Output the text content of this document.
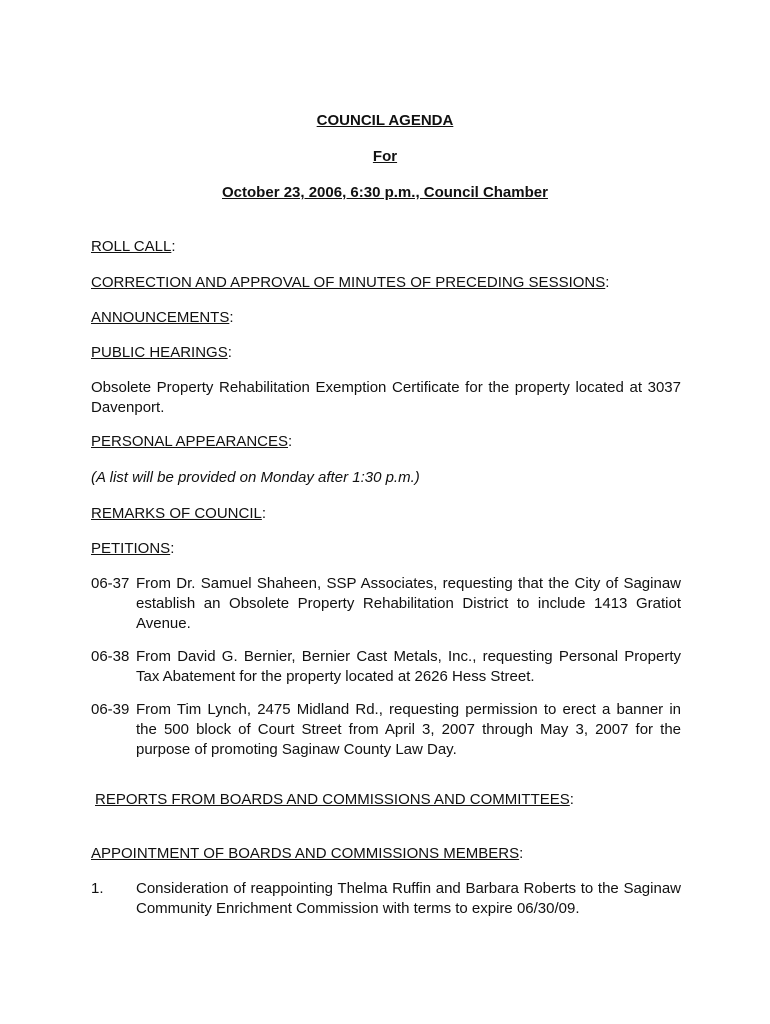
COUNCIL AGENDA
For
October 23, 2006, 6:30 p.m., Council Chamber
ROLL CALL:
CORRECTION AND APPROVAL OF MINUTES OF PRECEDING SESSIONS:
ANNOUNCEMENTS:
PUBLIC HEARINGS:
Obsolete Property Rehabilitation Exemption Certificate for the property located at 3037 Davenport.
PERSONAL APPEARANCES:
(A list will be provided on Monday after 1:30 p.m.)
REMARKS OF COUNCIL:
PETITIONS:
06-37 From Dr. Samuel Shaheen, SSP Associates, requesting that the City of Saginaw establish an Obsolete Property Rehabilitation District to include 1413 Gratiot Avenue.
06-38 From David G. Bernier, Bernier Cast Metals, Inc., requesting Personal Property Tax Abatement for the property located at 2626 Hess Street.
06-39 From Tim Lynch, 2475 Midland Rd., requesting permission to erect a banner in the 500 block of Court Street from April 3, 2007 through May 3, 2007 for the purpose of promoting Saginaw County Law Day.
REPORTS FROM BOARDS AND COMMISSIONS AND COMMITTEES:
APPOINTMENT OF BOARDS AND COMMISSIONS MEMBERS:
1. Consideration of reappointing Thelma Ruffin and Barbara Roberts to the Saginaw Community Enrichment Commission with terms to expire 06/30/09.
